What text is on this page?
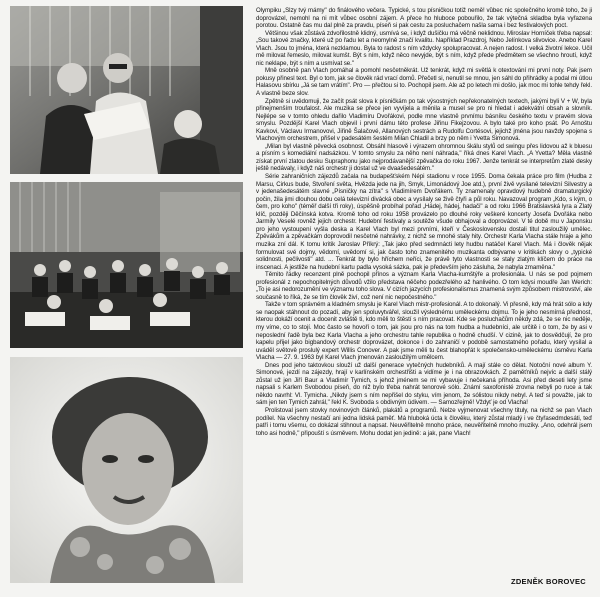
Olympiku „Slzy tvý mámy" do finálového večera. Typické, s tou písničkou totiž nemě! vůbec nic společného kromě toho, že ji doprovázel, nemohl na ni mít vůbec osobní zájem. A přece ho hluboce pobouřilo, že tak výtečná skladba byla vyřazena porotou. Ostatně čas mu dal plně za pravdu, píseň si pak cestu za posluchačem našla sama i bez festivalových poct.

Většinou však zůstává zdvořilostně klidný, usmívá se, i když dušičku má věčně neklidnou. Miroslav Horníček třeba napsal: „Sou takové značky, které už po řadu let a neomylně značí kvalitu. Například Prazdroj, Nebo Jelínkova slivovice. Anebo Karel Vlach. Jsou to jména, která nezklamou. Byla to radost s ním vždycky spolupracovat. A nejen radost. I velká životní lekce. Učil mě milovat řemeslo, milovat kumšt. Být s ním, když něco nevyjde, být s ním, když přede předmětem se všechno hroutí, když nic neklape, být s ním a usmívat se."

Mně osobně pan Vlach pomáhal a pomohl nesčetněkrát. Už tenkrát, když mi světlá k otextování mi první noty. Pak jsem pokusy přinesl text. Byl o tom, jak se člověk rád vrací domů. Přečetl si, nenutil se mnou, jen sáhl do přihrádky a podal mi útlou Halasovu sbírku „Já se tam vrátím". Pro — přečtou si to. Pochopil jsem. Ale až po letech mi došlo, jak moc mi tohle tehdy řekl. A vlastně beze slov.

Zpětně si uvědomuji, že začít psát slova k písničkám po tak výsostných nepřekonatelných textech, jakými byli V + W, byla přinejmenším troufalost. Ale muzika se přece jen vyvíjela a měnila a musel se pro ni hledat i adekvátní obsah a slovník. Nejlépe se v tomto ohledu dařilo Vladimíru Dvořákovi, podle mne vlastně prvnímu básníku českého textu v pravém slova smyslu. Pozdější Karel Vlach objevil i první dámu této profese Jiřinu Fikejzovou. A bylo také pro koho psát. Po Arnoštu Kavkovi, Václavu Irmanovovi, Jiřině Šalačové, Allanových sestrách a Rudolfu Cortésovi, jejichž jména jsou navždy spojena s Vlachovým orchestrem, přišel v padesátém šestém Milan Chladil a brzy po něm i Yvetta Simonová.

„Milan byl vlastně pěvecká osobnost. Obsáhl hlasově i výrazem ohromnou škálu stylů od swingu přes lidovou až k bluesu a písním s komediální nadsázkou. V tomto smyslu za něho není náhrada," říká dnes Karel Vlach. „A Yvetta? Měla vlastně získat první zlatou desku Supraphonu jako nejprodávanější zpěvačka do roku 1967. Jenže tenkrát se interpretům zlaté desky ještě nedávaly, i když náš orchestr ji dostal už ve dvaašedesátém."

Série zahraničních zájezdů začala na budapešťském Népi stadionu v roce 1955. Doma čekala práce pro film (Hudba z Marsu, Cirkus bude, Stvoření světa, Hvězda jede na jih, Smyk, Limonádový Joe atd.), první živě vysílané televizní Silvestry a v jedenašedesátém slavné „Písničky na zítra" s Vladimírem Dvořákem. Ty znamenaly opravdový hudebně dramaturgický počin, žila jimi dlouhou dobu celá televizní divácká obec a vysílaly se živě čtyři a půl roku. Navazoval program „Kdo, s kým, o čem, pro koho" (téměř další tři roky), úspěšně probíhal pořad „Hádej, hádej, hadači" a od roku 1966 Bratislavská lyra a Zlatý klíč, později Děčínská kotva. Kromě toho od roku 1958 provázelo po dlouhé roky veškeré koncerty Josefa Dvořáka nebo Jarmily Veselé rovněž jejich orchestr. Hudební festivaly a soutěže všude obhajoval a doprovázel. V té době mu v Japonsku pro jeho vystoupení vyšla deska a Karel Vlach byl mezi prvními, kteří v Československu dostali titul zasloužilý umělec. Zpěvákům a zpěvačkám doprovodil nesčetné nahrávky, z nichž se mnohé staly hity. Orchestr Karla Vlacha stále hraje a jeho muzika zní dál. K tomu kritik Jaroslav Příkrý: „Tak jako před sedmnácti lety hudbu natáčel Karel Vlach. Má i člověk nějak formulovat své dojmy, vědomí, uvědomí si, jak často toho znamenitého muzikanta odbývame v kritikách slovy o „typické solidnosti, pečlivosti" atd. ... Tenkrát by bylo hříchem neříci, že právě tyto vlastnosti se staly zlatým klíčem do práce na inscenaci. A jestliže na hudební kartu padla vysoká sázka, pak je především jeho zásluha, že nabyla zmaměna."

Těmito řádky recenzent plně pochopil přínos a význam Karla Vlacha-kumštýře a profesionála. U nás se pod pojmem profesionál z nepochopitelných důvodů vžilo představa něčeho podezřelého až hanlivého. O tom kdysi moudře Jan Werich: „To je asi nedorozumění ve významu toho slova. V cizích jazycích profesionalismus znamená svým způsobem mistrovství, ale současně to říká, že se tím člověk živí, což není nic nepočestného."

Takže v tom správném a kladném smyslu je Karel Vlach mistr-profesionál. A to dokonalý. Vi přesně, kdy má hrát sólo a kdy se naopak stáhnout do pozadí, aby jen spoluvytvářel, sloužil výslednému uměleckému dojmu. To je jeho nesmírná přednost, kterou dokáží ocenit a docenit zvláště ti, kdo měli to štěstí s ním pracovat. Kde se posluchačům někdy zdá, že se nic neděje, my víme, co to stojí. Moc často se hovoří o tom, jak jsou pro nás na tom hudba a hudebníci, ale určitě i o tom, že by asi v neposlední řadě byla bez Karla Vlacha a jeho orchestru tahle republika o hodně chudší. V cizině, jak to dosvědčují, že pro kapelu přijel jako bigbandový orchestr doprovázet, dokonce i do zahraničí v podobě samostatného pořadu, který vysílal a uváděl světově proslulý expert Willis Conover. A pak jsme měli tu čest blahopřát k společensko-uměleckému úsměvu Karla Vlacha — 27. 9. 1963 byl Karel Vlach jmenován zasloužilým umělcem.

Dnes pod jeho taktovkou slouží už další generace vytečných hudebníků. A mají stále co dělat. Notoční nové album Y. Simonové, jezdí na zájezdy, hrají v karlínském orchestřišti a vidíme je i na obrazovkách. Z paměťníků nejvíc a další stálý zůstal už jen Jiří Baur a Vladimír Tymich, s jehož jménem se mi vybavuje i nečekaná příhoda. Asi před deseti lety jsme napsali s Karlem Svobodou píseň, do níž bylo třeba nahrát tenorové sólo. Známí saxofonisté zrovna nebyli po ruce a tak někdo navrhl: Vl. Tymicha. „Nikdy jsem s ním nepřišel do styku, vím jenom, že sólistou nikdy nebyl. A teď si považte, jak to sám jen ten Tymich zahrál," řekl K. Svoboda s obdivným údivem. — Samozřejmě! Vždyť je od Vlacha!

Prolistoval jsem stovky novinových článků, plakátů a programů. Nelze vyjmenovat všechny tituly, na nichž se pan Vlach podílel. Na všechny nestačí ani jedna lidská paměť. Má hluboká úcta k člověku, který zůstal mladý i ve čtyřasedmdesáti, teď patří i tomu všemu, co dokázal stihnout a napsat. Neuvěřitelně mnoho práce, neuvěřitelně mnoho muziky. „Ano, odehrál jsem toho asi hodně," připouští s úsměvem. Mohu dodat jen jedině: a jak, pane Vlach!

ZDENĚK BOROVEC
